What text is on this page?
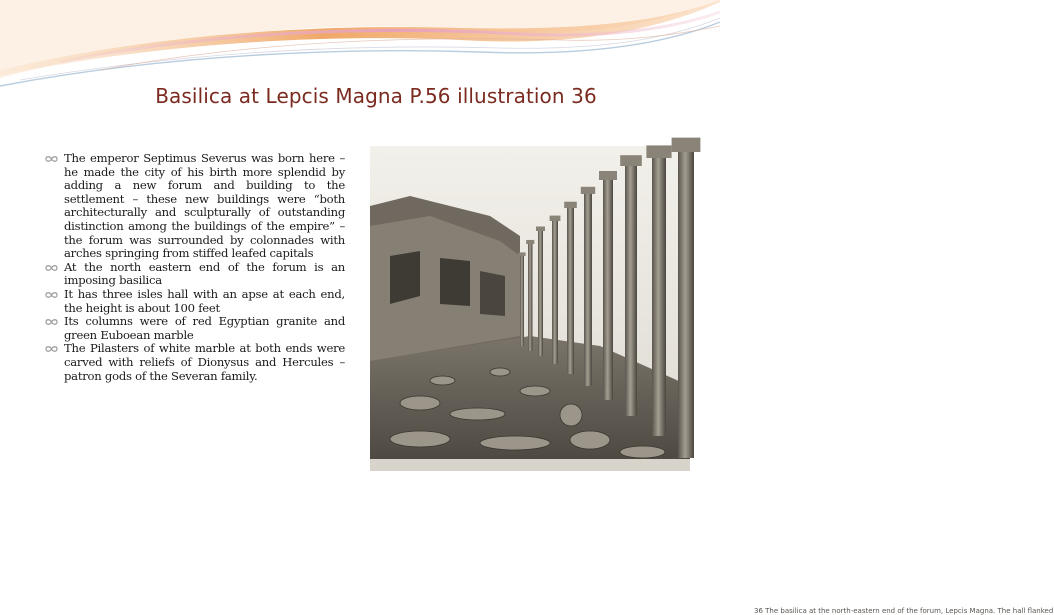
Basilica at Lepcis Magna P.56 illustration 36
The emperor Septimus Severus was born here – he made the city of his birth more splendid by adding a new forum and building to the settlement – these new buildings were “both architecturally and sculpturally of outstanding distinction among the buildings of the empire” – the forum was surrounded by colonnades with arches springing from stiffed leafed capitals
At the north eastern end of the forum is an imposing basilica
It has three isles hall with an apse at each end, the height is about 100 feet
Its columns were of red Egyptian granite and green Euboean marble
The Pilasters of white marble at both ends were carved with reliefs of Dionysus and Hercules – patron gods of the Severan family.
36 The basilica at the north-eastern end of the forum, Lepcis Magna. The hall flanked
